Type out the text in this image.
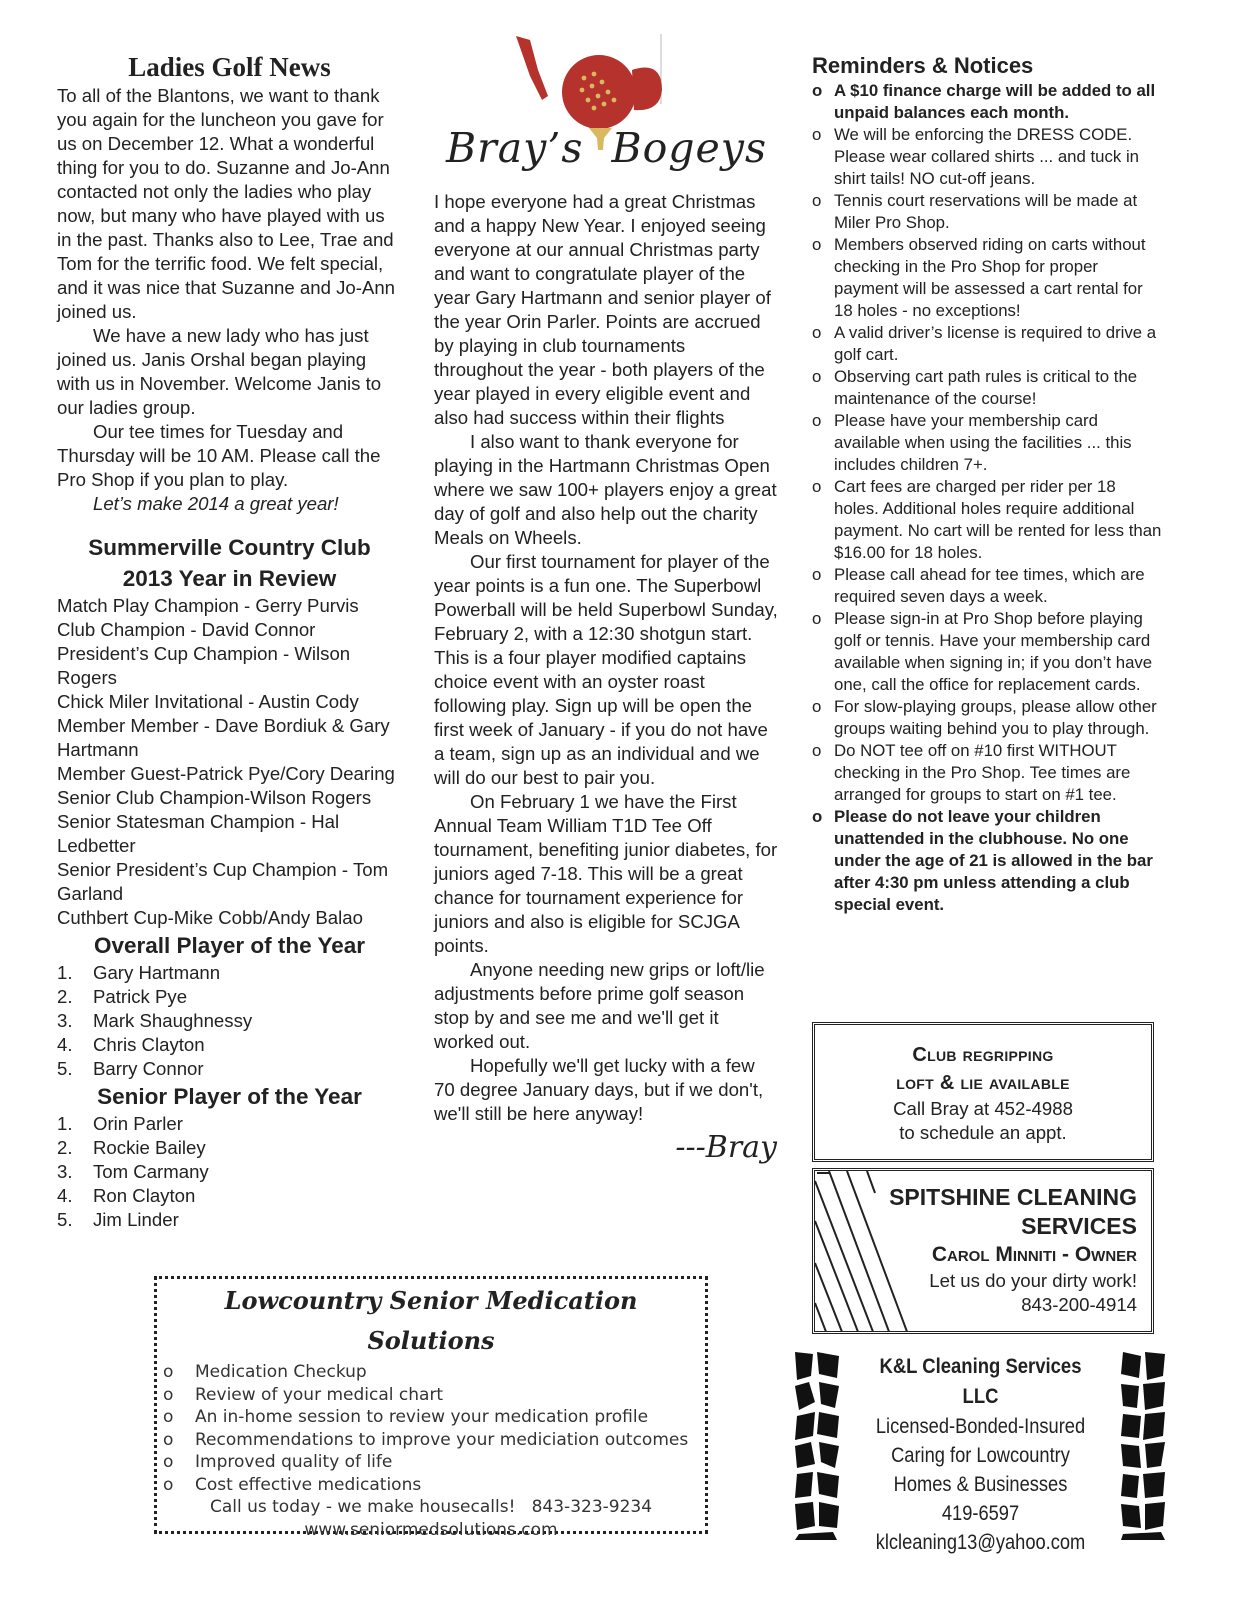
Ladies Golf News

To all of the Blantons, we want to thank you again for the luncheon you gave for us on December 12. What a wonderful thing for you to do. Suzanne and Jo-Ann contacted not only the ladies who play now, but many who have played with us in the past. Thanks also to Lee, Trae and Tom for the terrific food. We felt special, and it was nice that Suzanne and Jo-Ann joined us.

We have a new lady who has just joined us. Janis Orshal began playing with us in November. Welcome Janis to our ladies group.

Our tee times for Tuesday and Thursday will be 10 AM. Please call the Pro Shop if you plan to play.

Let’s make 2014 a great year!

Summerville Country Club
2013 Year in Review

Match Play Champion - Gerry Purvis

Club Champion - David Connor

President’s Cup Champion - Wilson Rogers

Chick Miler Invitational - Austin Cody

Member Member - Dave Bordiuk & Gary Hartmann

Member Guest-Patrick Pye/Cory Dearing

Senior Club Champion-Wilson Rogers

Senior Statesman Champion - Hal Ledbetter

Senior President’s Cup Champion - Tom Garland

Cuthbert Cup-Mike Cobb/Andy Balao

Overall Player of the Year
1. Gary Hartmann
2. Patrick Pye
3. Mark Shaughnessy
4. Chris Clayton
5. Barry Connor
Senior Player of the Year
1. Orin Parler
2. Rockie Bailey
3. Tom Carmany
4. Ron Clayton
5. Jim Linder
Bray’s  Bogeys

I hope everyone had a great Christmas and a happy New Year. I enjoyed seeing everyone at our annual Christmas party and want to congratulate player of the year Gary Hartmann and senior player of the year Orin Parler. Points are accrued by playing in club tournaments throughout the year - both players of the year played in every eligible event and also had success within their flights

I also want to thank everyone for playing in the Hartmann Christmas Open where we saw 100+ players enjoy a great day of golf and also help out the charity Meals on Wheels.

Our first tournament for player of the year points is a fun one. The Superbowl Powerball will be held Superbowl Sunday, February 2, with a 12:30 shotgun start. This is a four player modified captains choice event with an oyster roast following play. Sign up will be open the first week of January - if you do not have a team, sign up as an individual and we will do our best to pair you.

On February 1 we have the First Annual Team William T1D Tee Off tournament, benefiting junior diabetes, for juniors aged 7-18. This will be a great chance for tournament experience for juniors and also is eligible for SCJGA points.

Anyone needing new grips or loft/lie adjustments before prime golf season stop by and see me and we'll get it worked out.

Hopefully we'll get lucky with a few 70 degree January days, but if we don't, we'll still be here anyway!

---Bray
Reminders & Notices
o A $10 finance charge will be added to all unpaid balances each month.
o We will be enforcing the DRESS CODE. Please wear collared shirts ... and tuck in shirt tails! NO cut-off jeans.
o Tennis court reservations will be made at Miler Pro Shop.
o Members observed riding on carts without checking in the Pro Shop for proper payment will be assessed a cart rental for 18 holes - no exceptions!
o A valid driver’s license is required to drive a golf cart.
o Observing cart path rules is critical to the maintenance of the course!
o Please have your membership card available when using the facilities ... this includes children 7+.
o Cart fees are charged per rider per 18 holes. Additional holes require additional payment. No cart will be rented for less than $16.00 for 18 holes.
o Please call ahead for tee times, which are required seven days a week.
o Please sign-in at Pro Shop before playing golf or tennis. Have your membership card available when signing in; if you don’t have one, call the office for replacement cards.
o For slow-playing groups, please allow other groups waiting behind you to play through.
o Do NOT tee off on #10 first WITHOUT checking in the Pro Shop. Tee times are arranged for groups to start on #1 tee.
o Please do not leave your children unattended in the clubhouse. No one under the age of 21 is allowed in the bar after 4:30 pm unless attending a club special event.
Club regripping
loft & lie available
Call Bray at 452-4988
to schedule an appt.
SPITSHINE CLEANING
SERVICES
Carol Minniti - Owner
Let us do your dirty work!
843-200-4914
K&L Cleaning Services LLC
Licensed-Bonded-Insured
Caring for Lowcountry
Homes & Businesses
419-6597
klcleaning13@yahoo.com
Lowcountry Senior Medication Solutions
o Medication Checkup
o Review of your medical chart
o An in-home session to review your medication profile
o Recommendations to improve your mediciation outcomes
o Improved quality of life
o Cost effective medications
Call us today - we make housecalls!   843-323-9234
www.seniormedsolutions.com
